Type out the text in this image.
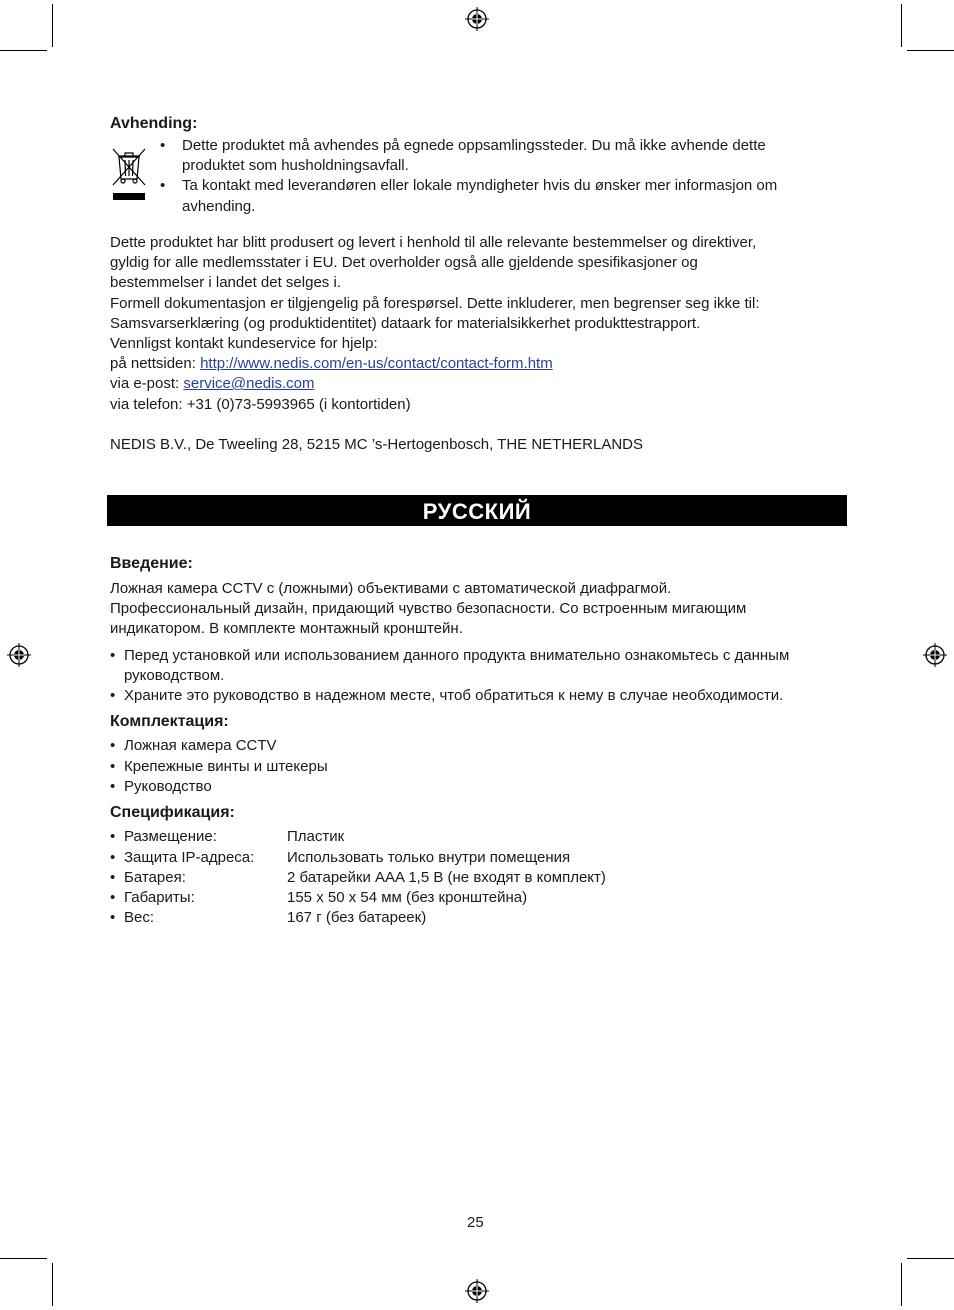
Avhending:
• Dette produktet må avhendes på egnede oppsamlingssteder. Du må ikke avhende dette
produktet som husholdningsavfall.
• Ta kontakt med leverandøren eller lokale myndigheter hvis du ønsker mer informasjon om
avhending.
Dette produktet har blitt produsert og levert i henhold til alle relevante bestemmelser og direktiver,
gyldig for alle medlemsstater i EU. Det overholder også alle gjeldende spesifikasjoner og
bestemmelser i landet det selges i.
Formell dokumentasjon er tilgjengelig på forespørsel. Dette inkluderer, men begrenser seg ikke til:
Samsvarserklæring (og produktidentitet) dataark for materialsikkerhet produkttestrapport.
Vennligst kontakt kundeservice for hjelp:
på nettsiden: http://www.nedis.com/en-us/contact/contact-form.htm
via e-post: service@nedis.com
via telefon: +31 (0)73-5993965 (i kontortiden)
NEDIS B.V., De Tweeling 28, 5215 MC ’s-Hertogenbosch, THE NETHERLANDS
РУССКИЙ
Введение:
Ложная камера CCTV с (ложными) объективами с автоматической диафрагмой.
Профессиональный дизайн, придающий чувство безопасности. Со встроенным мигающим
индикатором. В комплекте монтажный кронштейн.
• Перед установкой или использованием данного продукта внимательно ознакомьтесь с данным
руководством.
• Храните это руководство в надежном месте, чтоб обратиться к нему в случае необходимости.
Комплектация:
• Ложная камера CCTV
• Крепежные винты и штекеры
• Руководство
Спецификация:
• Размещение:	Пластик
• Защита IP-адреса: Использовать только внутри помещения
• Батарея:	2 батарейки AAA 1,5 В (не входят в комплект)
• Габариты:	155 x 50 x 54 мм (без кронштейна)
• Вес:	167 г (без батареек)
25
